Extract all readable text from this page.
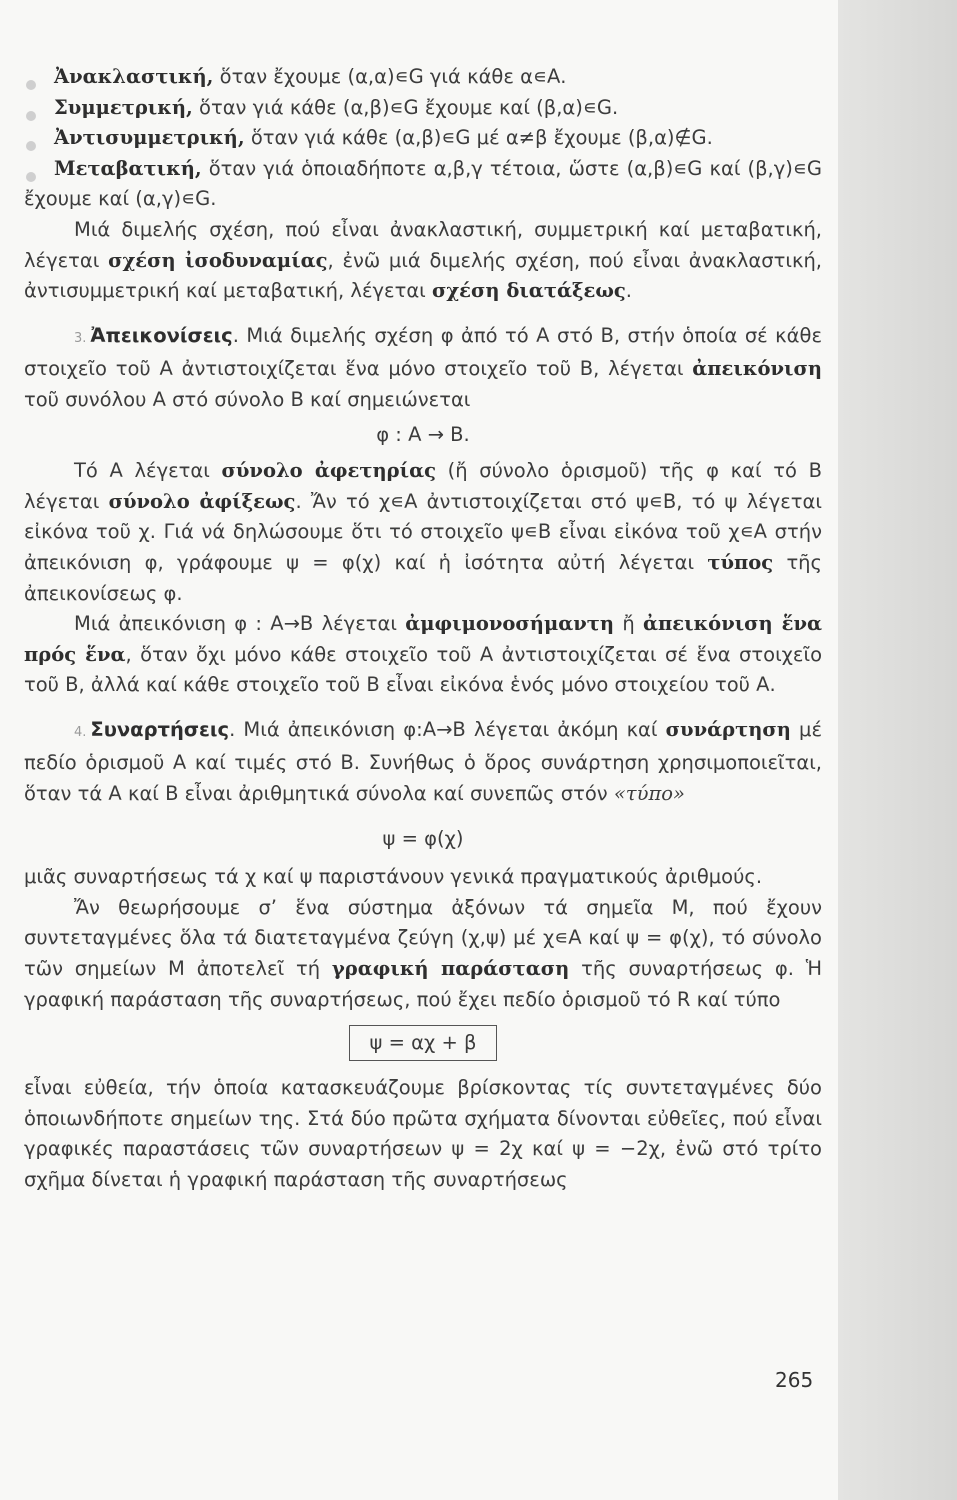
Ἀνακλαστική, ὅταν ἔχουμε (α,α)∊G γιά κάθε α∊Α.
Συμμετρική, ὅταν γιά κάθε (α,β)∊G ἔχουμε καί (β,α)∊G.
Ἀντισυμμετρική, ὅταν γιά κάθε (α,β)∊G μέ α≠β ἔχουμε (β,α)∉G.
Μεταβατική, ὅταν γιά ὁποιαδήποτε α,β,γ τέτοια, ὥστε (α,β)∊G καί (β,γ)∊G ἔχουμε καί (α,γ)∊G.

Μιά διμελής σχέση, πού εἶναι ἀνακλαστική, συμμετρική καί μεταβατική, λέγεται σχέση ἰσοδυναμίας, ἐνῶ μιά διμελής σχέση, πού εἶναι ἀνακλαστική, ἀντισυμμετρική καί μεταβατική, λέγεται σχέση διατάξεως.

3. Ἀπεικονίσεις. Μιά διμελής σχέση φ ἀπό τό Α στό Β, στήν ὁποία σέ κάθε στοιχεῖο τοῦ Α ἀντιστοιχίζεται ἕνα μόνο στοιχεῖο τοῦ Β, λέγεται ἀπεικόνιση τοῦ συνόλου Α στό σύνολο Β καί σημειώνεται

φ : Α → Β.

Τό Α λέγεται σύνολο ἀφετηρίας (ἤ σύνολο ὁρισμοῦ) τῆς φ καί τό Β λέγεται σύνολο ἀφίξεως. Ἄν τό χ∊Α ἀντιστοιχίζεται στό ψ∊Β, τό ψ λέγεται εἰκόνα τοῦ χ. Γιά νά δηλώσουμε ὅτι τό στοιχεῖο ψ∊Β εἶναι εἰκόνα τοῦ χ∊Α στήν ἀπεικόνιση φ, γράφουμε ψ = φ(χ) καί ἡ ἰσότητα αὐτή λέγεται τύπος τῆς ἀπεικονίσεως φ.

Μιά ἀπεικόνιση φ : Α→Β λέγεται ἀμφιμονοσήμαντη ἤ ἀπεικόνιση ἕνα πρός ἕνα, ὅταν ὄχι μόνο κάθε στοιχεῖο τοῦ Α ἀντιστοιχίζεται σέ ἕνα στοιχεῖο τοῦ Β, ἀλλά καί κάθε στοιχεῖο τοῦ Β εἶναι εἰκόνα ἑνός μόνο στοιχείου τοῦ Α.

4. Συναρτήσεις. Μιά ἀπεικόνιση φ:Α→Β λέγεται ἀκόμη καί συνάρτηση μέ πεδίο ὁρισμοῦ Α καί τιμές στό Β. Συνήθως ὁ ὅρος συνάρτηση χρησιμοποιεῖται, ὅταν τά Α καί Β εἶναι ἀριθμητικά σύνολα καί συνεπῶς στόν «τύπο»

ψ = φ(χ)

μιᾶς συναρτήσεως τά χ καί ψ παριστάνουν γενικά πραγματικούς ἀριθμούς.

Ἄν θεωρήσουμε σ’ ἕνα σύστημα ἀξόνων τά σημεῖα Μ, πού ἔχουν συντεταγμένες ὅλα τά διατεταγμένα ζεύγη (χ,ψ) μέ χ∊Α καί ψ = φ(χ), τό σύνολο τῶν σημείων Μ ἀποτελεῖ τή γραφική παράσταση τῆς συναρτήσεως φ. Ἡ γραφική παράσταση τῆς συναρτήσεως, πού ἔχει πεδίο ὁρισμοῦ τό R καί τύπο

ψ = αχ + β

εἶναι εὐθεία, τήν ὁποία κατασκευάζουμε βρίσκοντας τίς συντεταγμένες δύο ὁποιωνδήποτε σημείων της. Στά δύο πρῶτα σχήματα δίνονται εὐθεῖες, πού εἶναι γραφικές παραστάσεις τῶν συναρτήσεων ψ = 2χ καί ψ = −2χ, ἐνῶ στό τρίτο σχῆμα δίνεται ἡ γραφική παράσταση τῆς συναρτήσεως

265
